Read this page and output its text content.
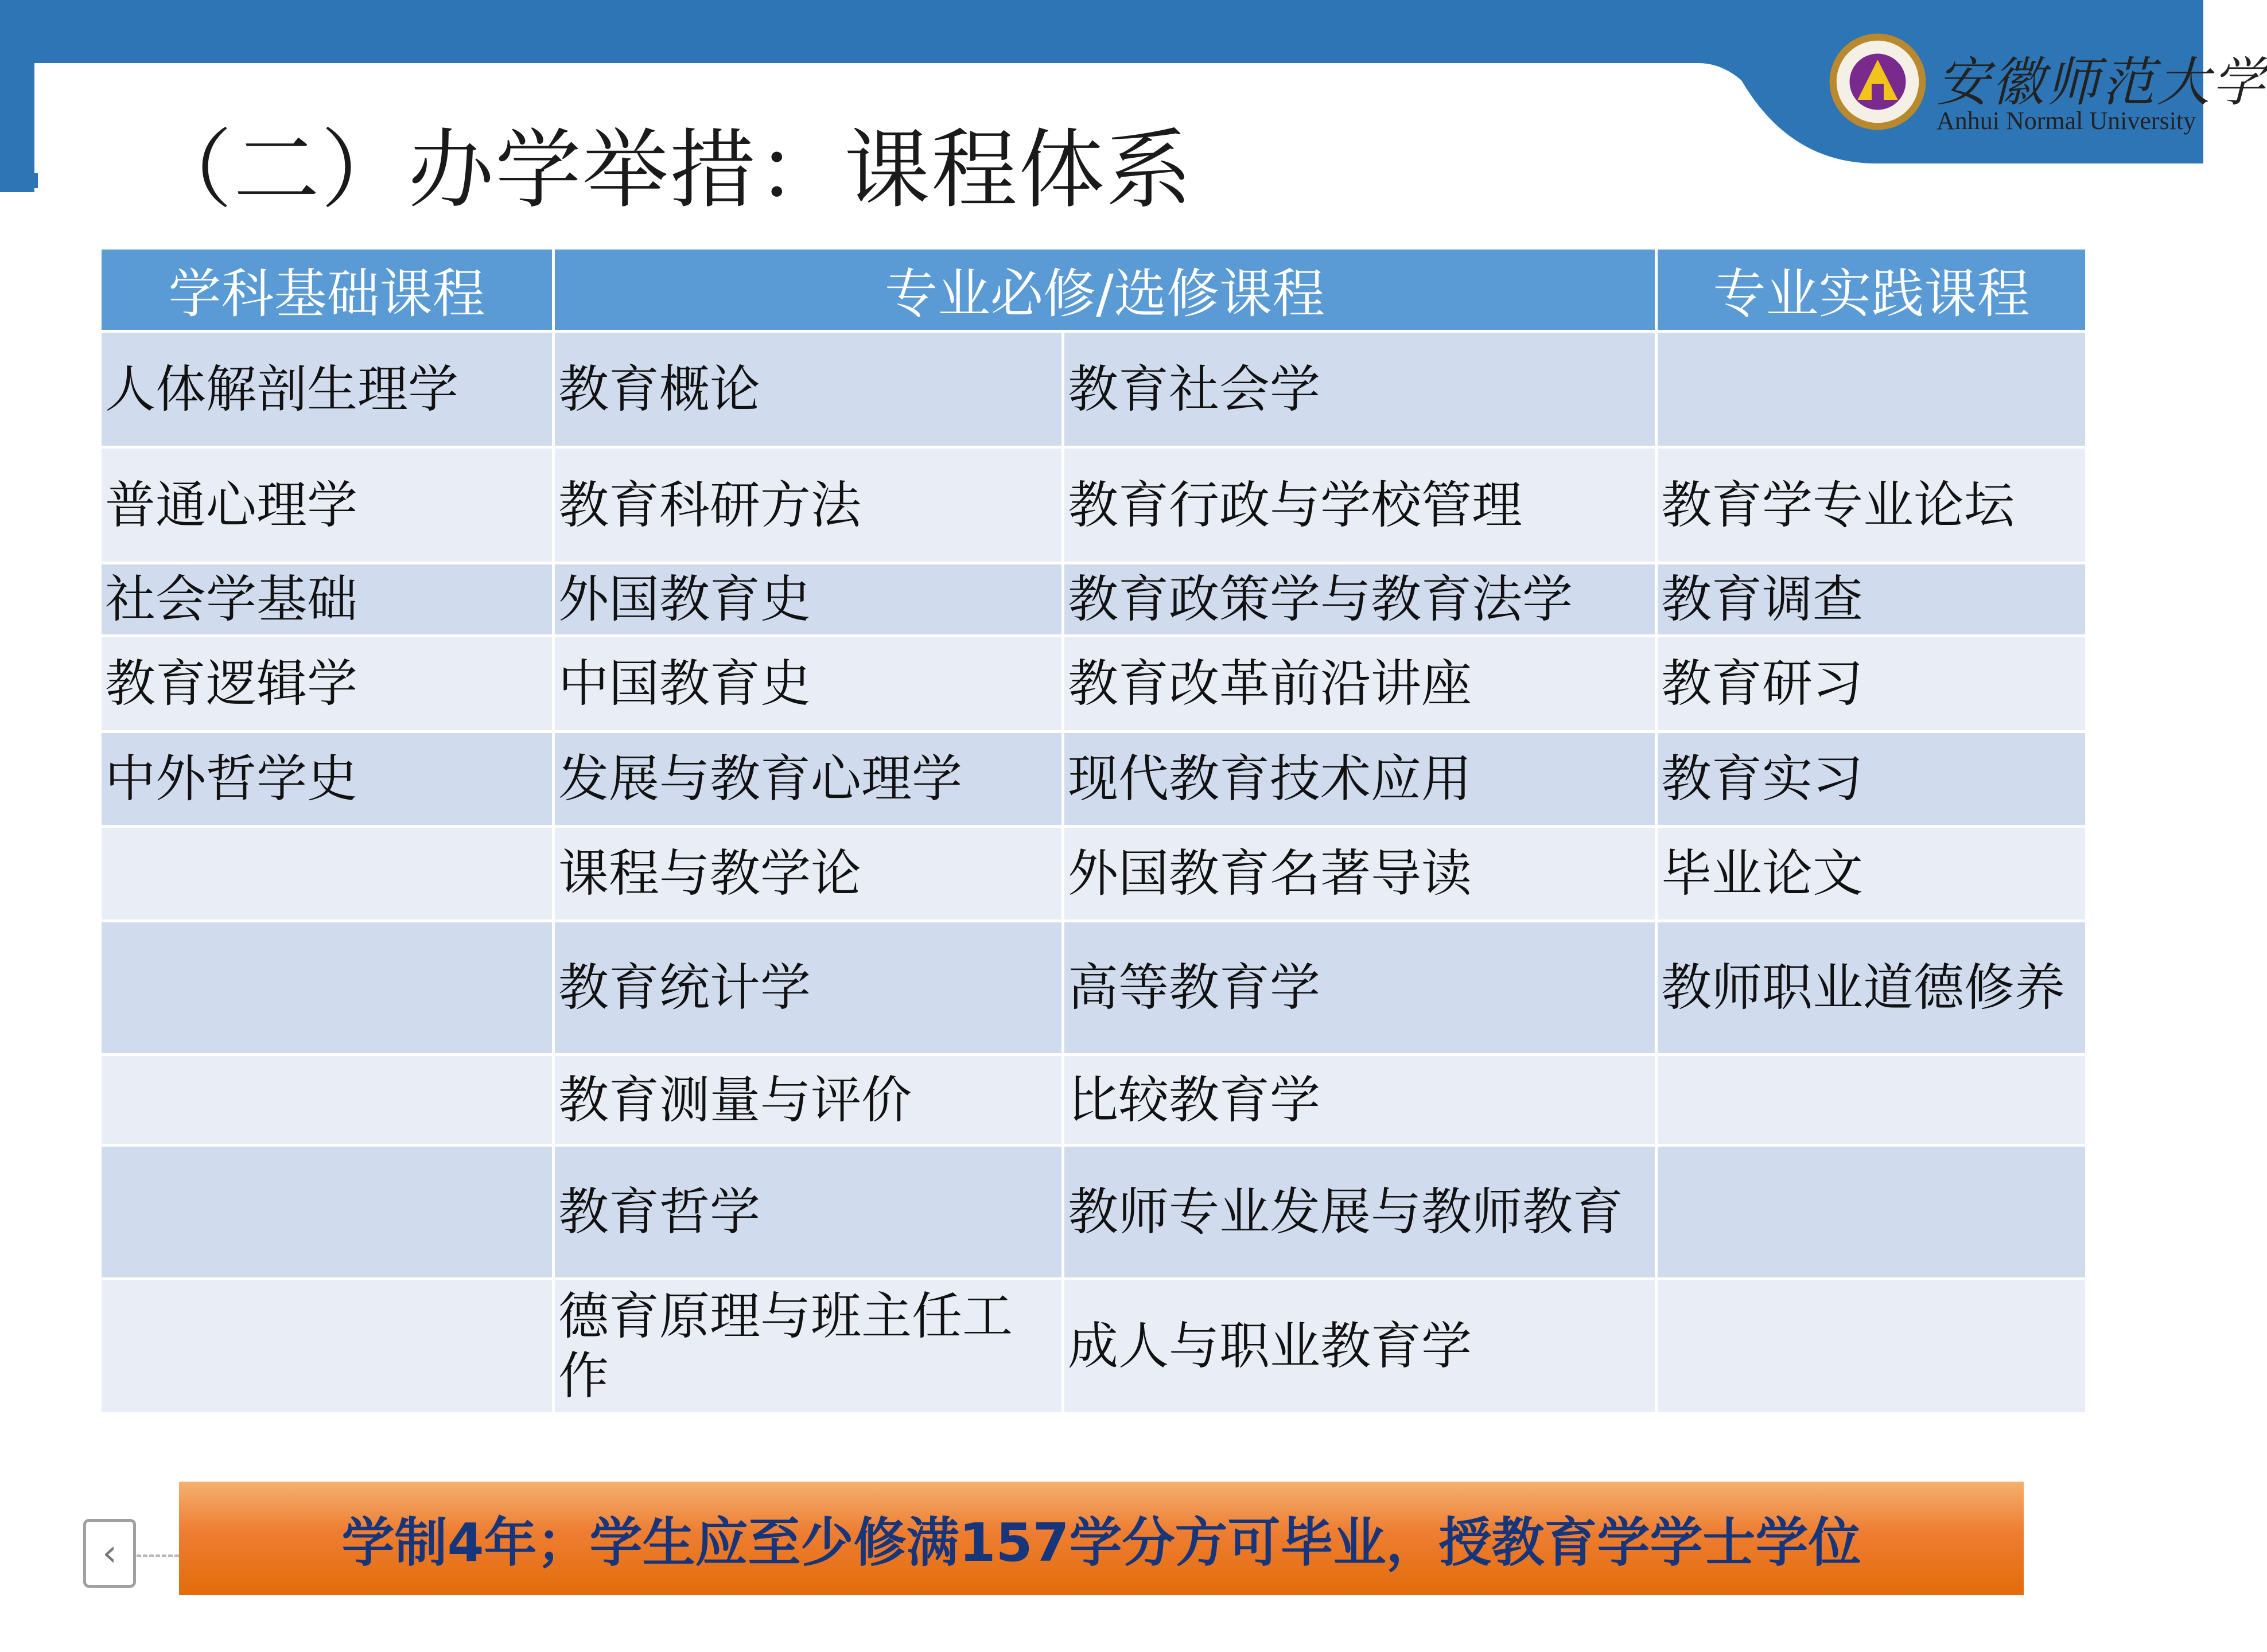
（二）办学举措：课程体系
安徽师范大学
Anhui Normal University
学科基础课程	专业必修/选修课程		专业实践课程
人体解剖生理学	教育概论	教育社会学	
普通心理学	教育科研方法	教育行政与学校管理	教育学专业论坛
社会学基础	外国教育史	教育政策学与教育法学	教育调查
教育逻辑学	中国教育史	教育改革前沿讲座	教育研习
中外哲学史	发展与教育心理学	现代教育技术应用	教育实习
	课程与教学论	外国教育名著导读	毕业论文
	教育统计学	高等教育学	教师职业道德修养
	教育测量与评价	比较教育学	
	教育哲学	教师专业发展与教师教育	
	德育原理与班主任工作	成人与职业教育学	
学制4年；学生应至少修满157学分方可毕业，授教育学学士学位
‹
